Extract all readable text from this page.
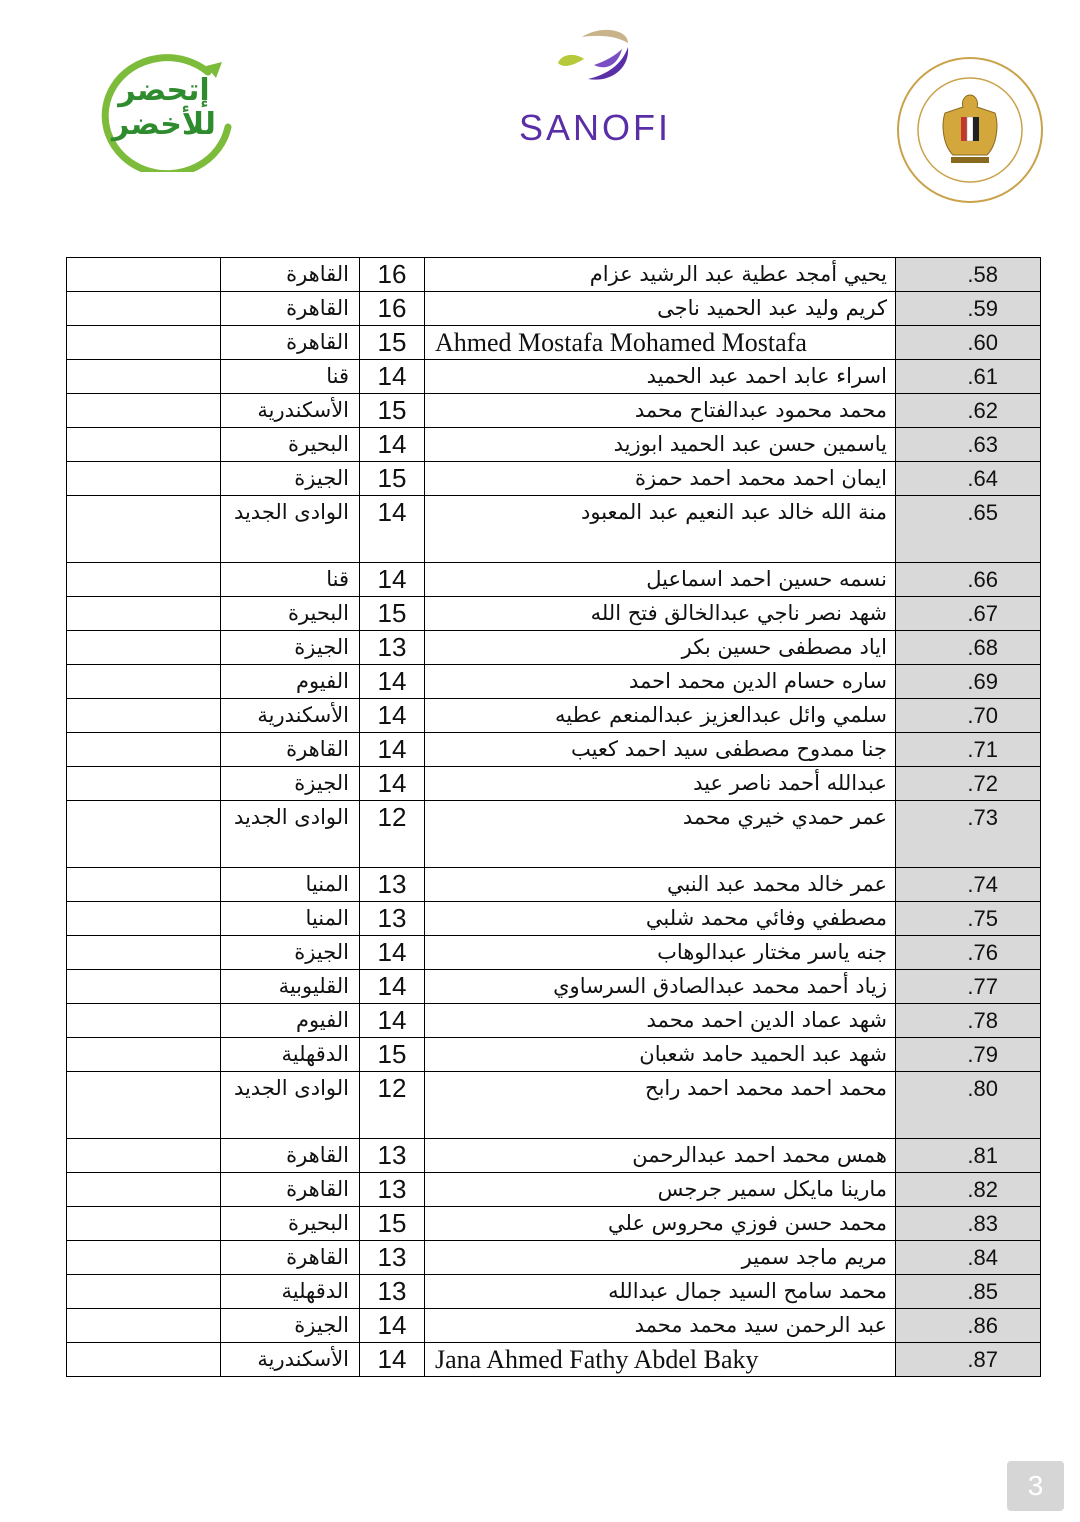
إتحضر
للأخضر	SANOFI
	القاهرة	16	يحيي أمجد عطية عبد الرشيد عزام	.58
	القاهرة	16	كريم وليد عبد الحميد ناجى	.59
	القاهرة	15	Ahmed Mostafa Mohamed Mostafa	.60
	قنا	14	اسراء عابد احمد عبد الحميد	.61
	الأسكندرية	15	محمد محمود عبدالفتاح محمد	.62
	البحيرة	14	ياسمين حسن عبد الحميد ابوزيد	.63
	الجيزة	15	ايمان احمد محمد احمد حمزة	.64
	الوادى الجديد	14	منة الله خالد عبد النعيم عبد المعبود	.65
	قنا	14	نسمه حسين احمد اسماعيل	.66
	البحيرة	15	شهد نصر ناجي عبدالخالق فتح الله	.67
	الجيزة	13	اياد مصطفى حسين بكر	.68
	الفيوم	14	ساره حسام الدين محمد احمد	.69
	الأسكندرية	14	سلمي وائل عبدالعزيز عبدالمنعم عطيه	.70
	القاهرة	14	جنا ممدوح مصطفى سيد احمد كعيب	.71
	الجيزة	14	عبدالله أحمد ناصر عيد	.72
	الوادى الجديد	12	عمر حمدي خيري محمد	.73
	المنيا	13	عمر خالد محمد عبد النبي	.74
	المنيا	13	مصطفي وفائي محمد شلبي	.75
	الجيزة	14	جنه ياسر مختار عبدالوهاب	.76
	القليوبية	14	زياد أحمد محمد عبدالصادق السرساوي	.77
	الفيوم	14	شهد عماد الدين احمد محمد	.78
	الدقهلية	15	شهد عبد الحميد حامد شعبان	.79
	الوادى الجديد	12	محمد احمد محمد احمد رابح	.80
	القاهرة	13	همس محمد احمد عبدالرحمن	.81
	القاهرة	13	مارينا مايكل سمير جرجس	.82
	البحيرة	15	محمد حسن فوزي محروس علي	.83
	القاهرة	13	مريم ماجد سمير	.84
	الدقهلية	13	محمد سامح السيد جمال عبدالله	.85
	الجيزة	14	عبد الرحمن سيد محمد محمد	.86
	الأسكندرية	14	Jana Ahmed Fathy Abdel Baky	.87
3
